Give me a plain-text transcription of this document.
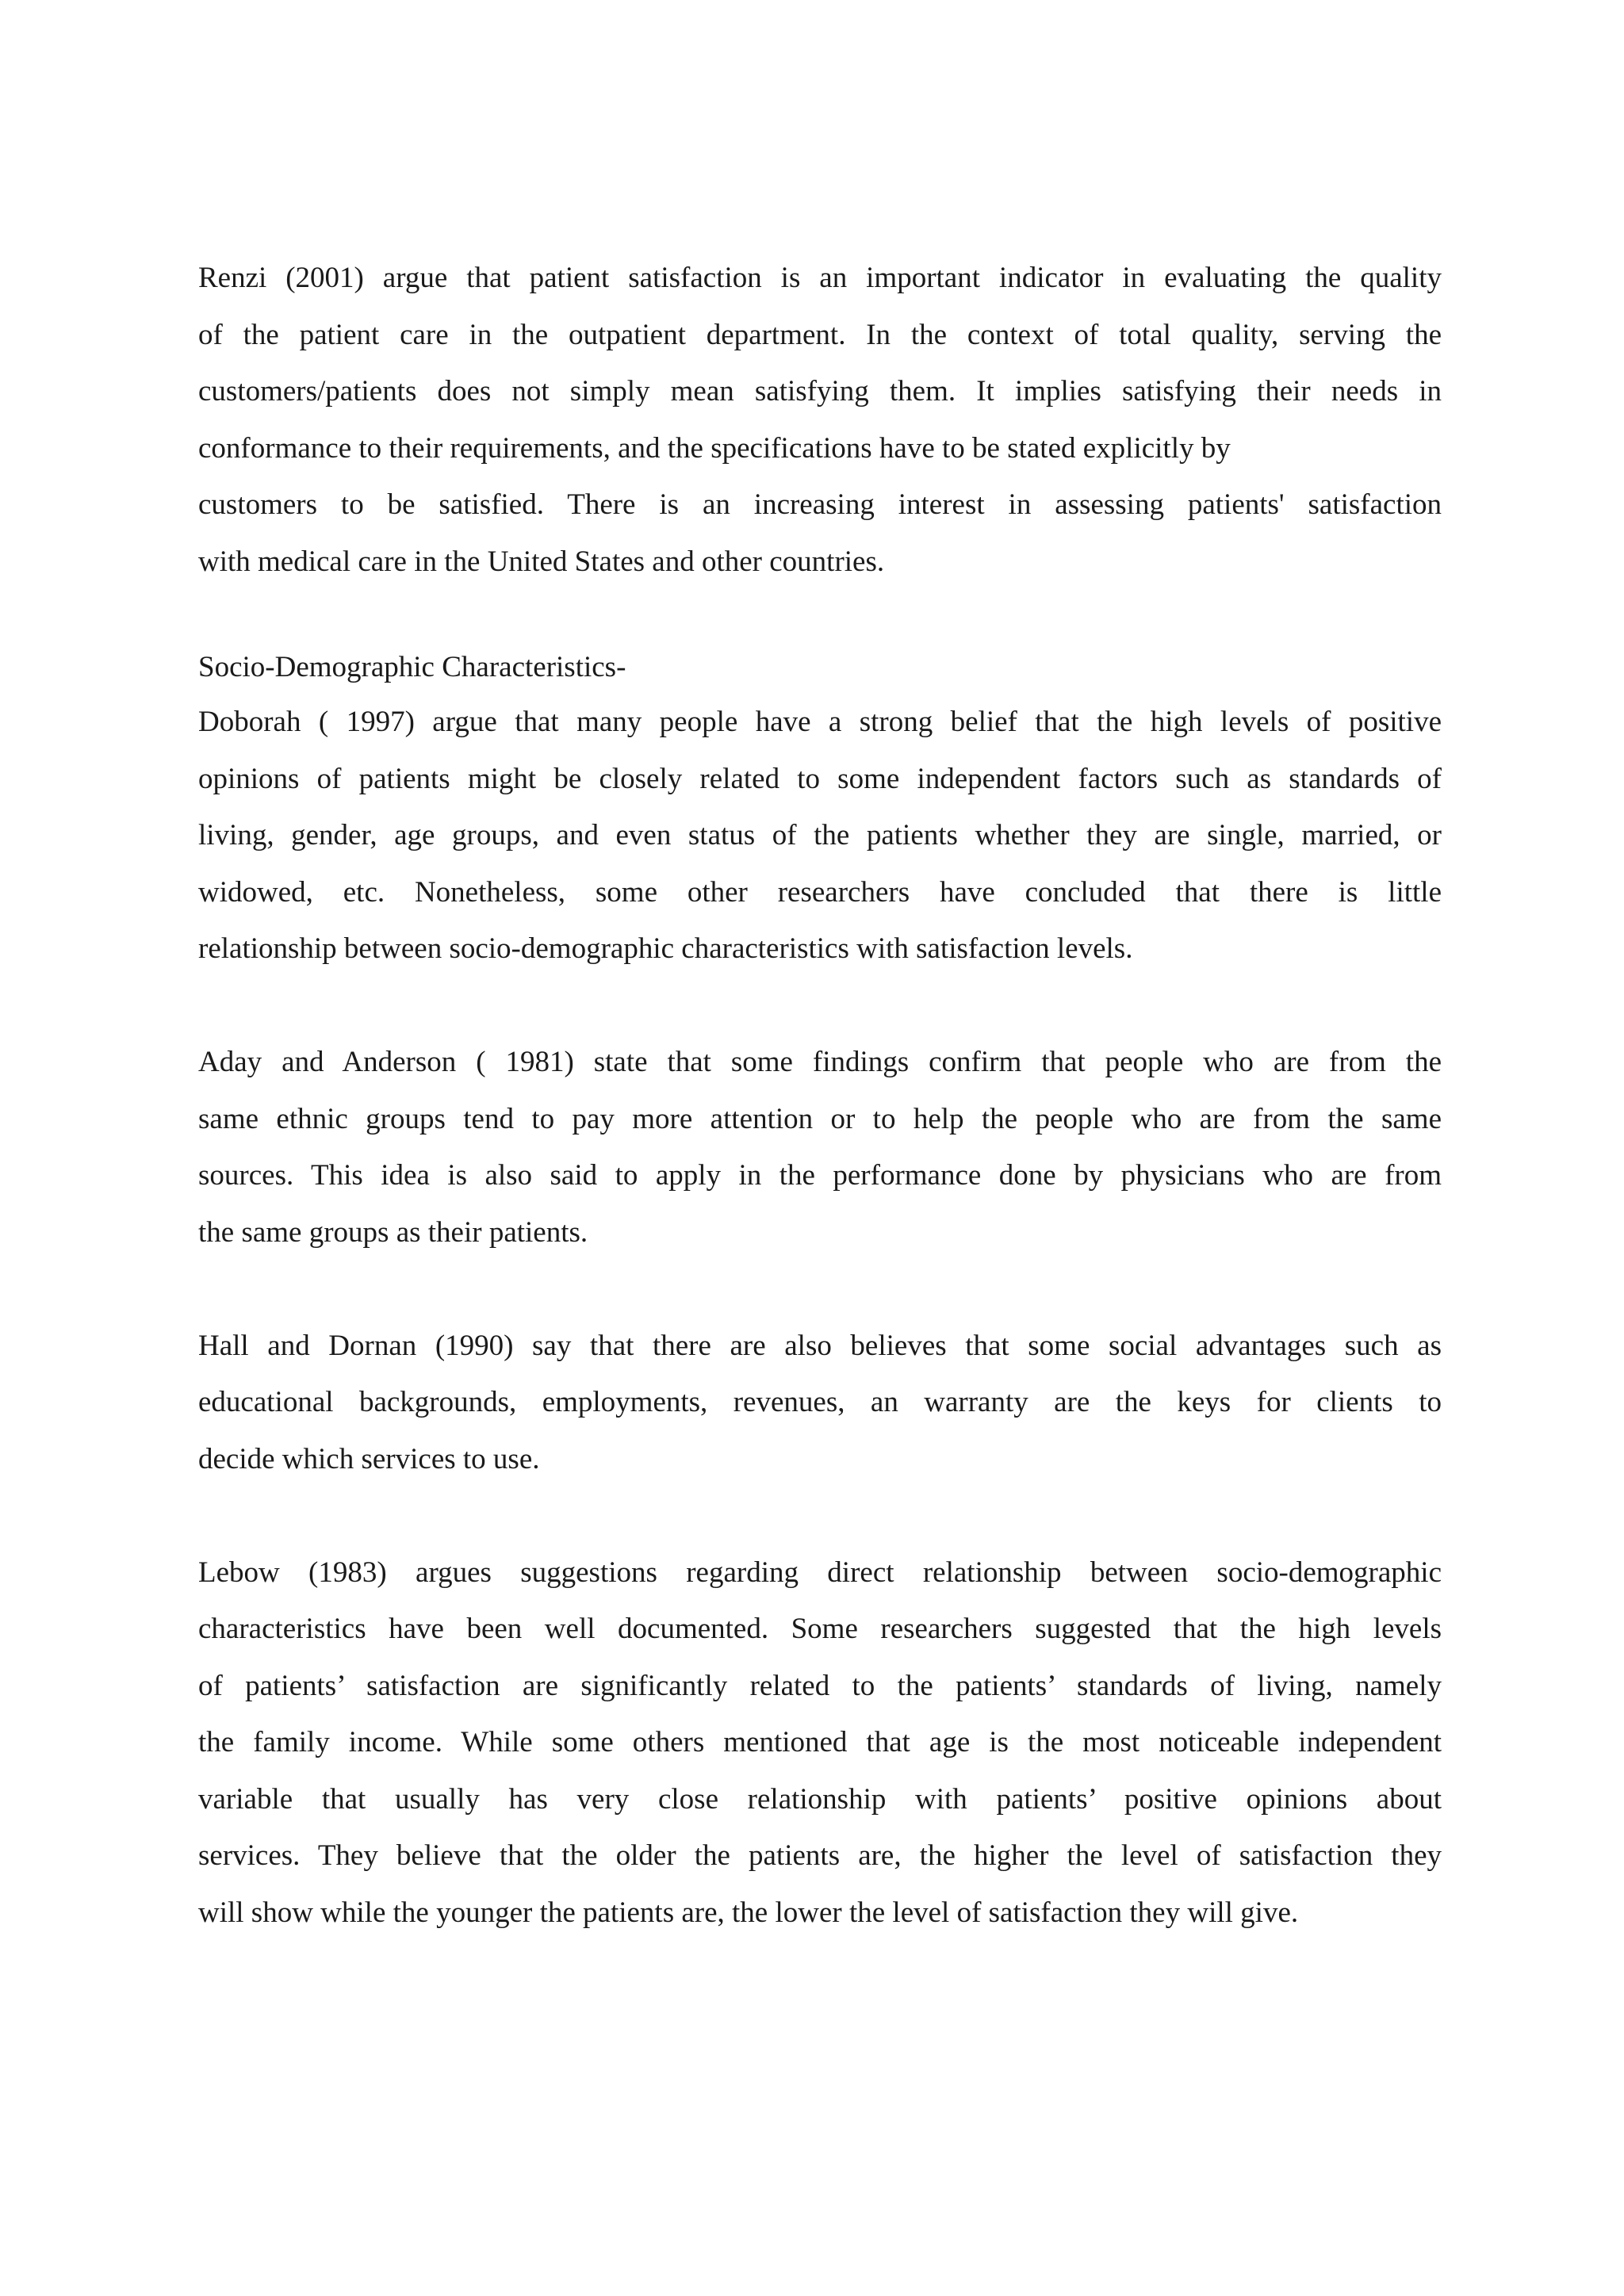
Renzi (2001) argue that patient satisfaction is an important indicator in evaluating the quality
of the patient care in the outpatient department. In the context of total quality, serving the
customers/patients does not simply mean satisfying them. It implies satisfying their needs in
conformance to their requirements, and the specifications have to be stated explicitly by
customers to be satisfied. There is an increasing interest in assessing patients' satisfaction
with medical care in the United States and other countries.

Socio-Demographic Characteristics-

Doborah ( 1997) argue that many people have a strong belief that the high levels of positive
opinions of patients might be closely related to some independent factors such as standards of
living, gender, age groups, and even status of the patients whether they are single, married, or
widowed, etc. Nonetheless, some other researchers have concluded that there is little
relationship between socio-demographic characteristics with satisfaction levels.

Aday and Anderson ( 1981) state that some findings confirm that people who are from the
same ethnic groups tend to pay more attention or to help the people who are from the same
sources. This idea is also said to apply in the performance done by physicians who are from
the same groups as their patients.

Hall and Dornan (1990) say that there are also believes that some social advantages such as
educational backgrounds, employments, revenues, an warranty are the keys for clients to
decide which services to use.

Lebow (1983) argues suggestions regarding direct relationship between socio-demographic
characteristics have been well documented. Some researchers suggested that the high levels
of patients’ satisfaction are significantly related to the patients’ standards of living, namely
the family income. While some others mentioned that age is the most noticeable independent
variable that usually has very close relationship with patients’ positive opinions about
services. They believe that the older the patients are, the higher the level of satisfaction they
will show while the younger the patients are, the lower the level of satisfaction they will give.
